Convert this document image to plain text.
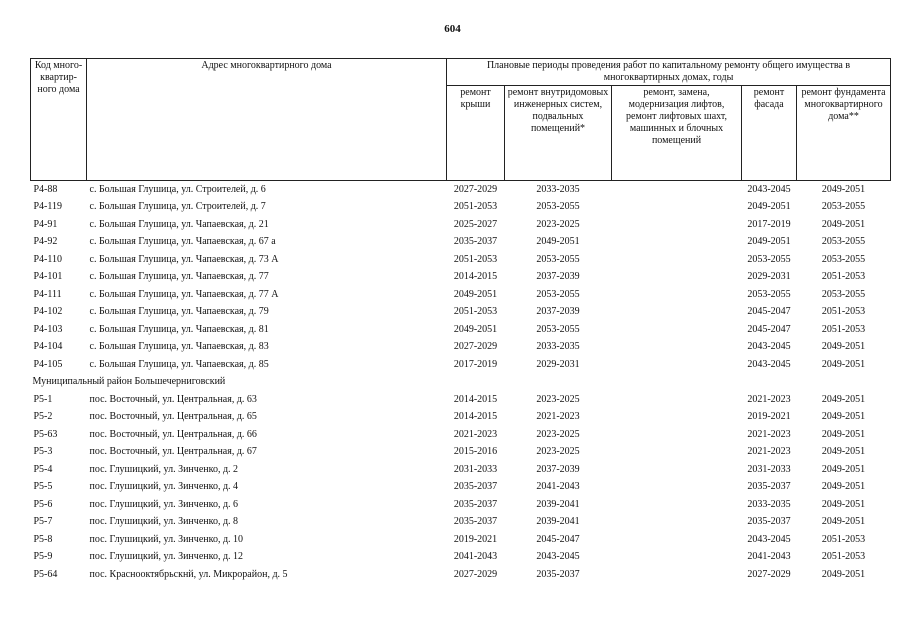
604
Код много-квартир-ного дома	Адрес многоквартирного дома	Плановые периоды проведения работ по капитальному ремонту общего имущества в многоквартирных домах, годы				
		ремонт крыши	ремонт внутридомовых инженерных систем, подвальных помещений*	ремонт, замена, модернизация лифтов, ремонт лифтовых шахт, машинных и блочных помещений	ремонт фасада	ремонт фундамента многоквартирного дома**
Р4-88	с. Большая Глушица, ул. Строителей, д. 6	2027-2029	2033-2035		2043-2045	2049-2051
Р4-119	с. Большая Глушица, ул. Строителей, д. 7	2051-2053	2053-2055		2049-2051	2053-2055
Р4-91	с. Большая Глушица, ул. Чапаевская, д. 21	2025-2027	2023-2025		2017-2019	2049-2051
Р4-92	с. Большая Глушица, ул. Чапаевская, д. 67 а	2035-2037	2049-2051		2049-2051	2053-2055
Р4-110	с. Большая Глушица, ул. Чапаевская, д. 73 А	2051-2053	2053-2055		2053-2055	2053-2055
Р4-101	с. Большая Глушица, ул. Чапаевская, д. 77	2014-2015	2037-2039		2029-2031	2051-2053
Р4-111	с. Большая Глушица, ул. Чапаевская, д. 77 А	2049-2051	2053-2055		2053-2055	2053-2055
Р4-102	с. Большая Глушица, ул. Чапаевская, д. 79	2051-2053	2037-2039		2045-2047	2051-2053
Р4-103	с. Большая Глушица, ул. Чапаевская, д. 81	2049-2051	2053-2055		2045-2047	2051-2053
Р4-104	с. Большая Глушица, ул. Чапаевская, д. 83	2027-2029	2033-2035		2043-2045	2049-2051
Р4-105	с. Большая Глушица, ул. Чапаевская, д. 85	2017-2019	2029-2031		2043-2045	2049-2051
Муниципальный район Большечерниговский						
Р5-1	пос. Восточный, ул. Центральная, д. 63	2014-2015	2023-2025		2021-2023	2049-2051
Р5-2	пос. Восточный, ул. Центральная, д. 65	2014-2015	2021-2023		2019-2021	2049-2051
Р5-63	пос. Восточный, ул. Центральная, д. 66	2021-2023	2023-2025		2021-2023	2049-2051
Р5-3	пос. Восточный, ул. Центральная, д. 67	2015-2016	2023-2025		2021-2023	2049-2051
Р5-4	пос. Глушицкий, ул. Зинченко, д. 2	2031-2033	2037-2039		2031-2033	2049-2051
Р5-5	пос. Глушицкий, ул. Зинченко, д. 4	2035-2037	2041-2043		2035-2037	2049-2051
Р5-6	пос. Глушицкий, ул. Зинченко, д. 6	2035-2037	2039-2041		2033-2035	2049-2051
Р5-7	пос. Глушицкий, ул. Зинченко, д. 8	2035-2037	2039-2041		2035-2037	2049-2051
Р5-8	пос. Глушицкий, ул. Зинченко, д. 10	2019-2021	2045-2047		2043-2045	2051-2053
Р5-9	пос. Глушицкий, ул. Зинченко, д. 12	2041-2043	2043-2045		2041-2043	2051-2053
Р5-64	пос. Краснооктябрьскнй, ул. Микрорайон, д. 5	2027-2029	2035-2037		2027-2029	2049-2051
